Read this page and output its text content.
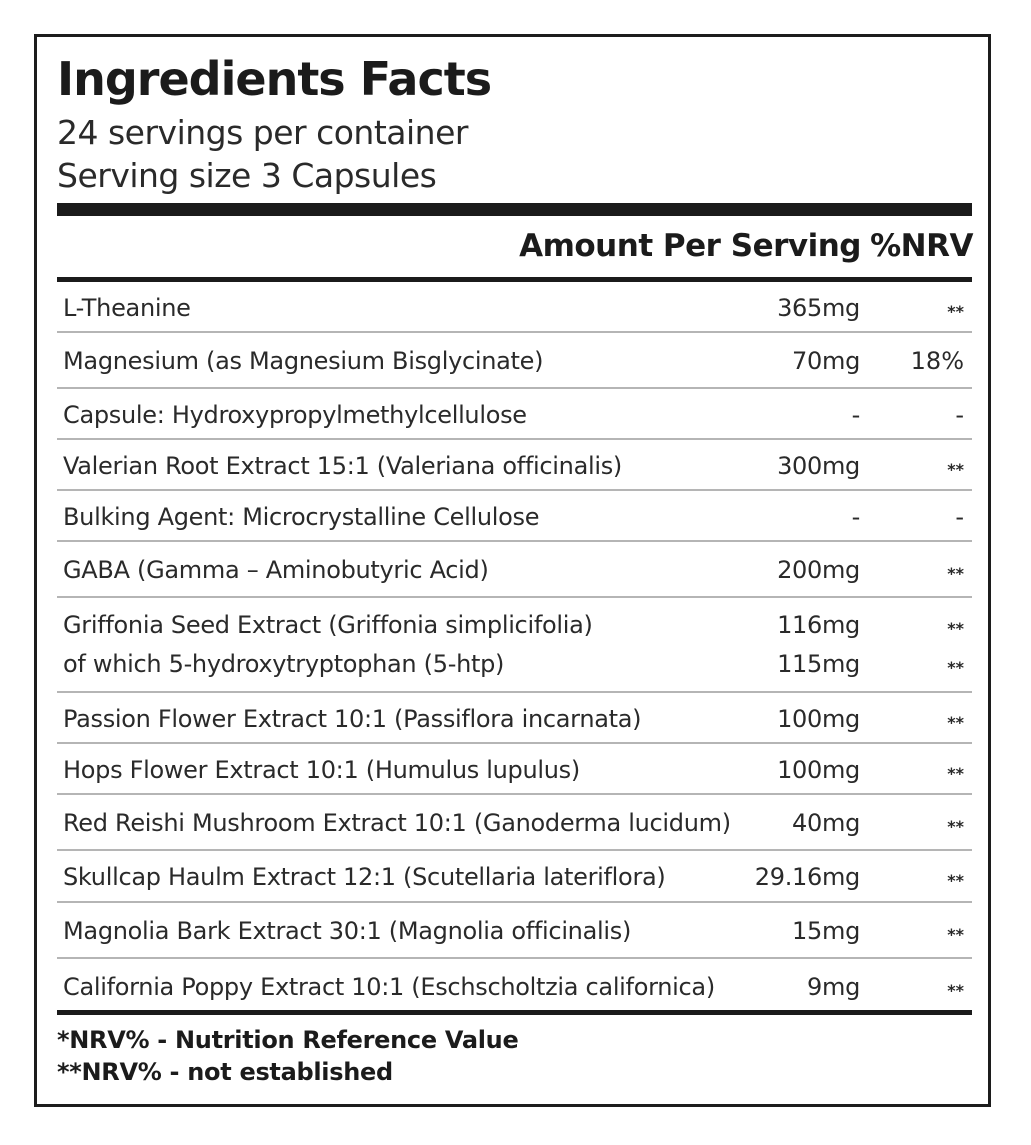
Ingredients Facts
24 servings per container
Serving size 3 Capsules
Amount Per Serving %NRV
L-Theanine	365mg	**
Magnesium (as Magnesium Bisglycinate)	70mg 18%
Capsule: Hydroxypropylmethylcellulose	-	-
Valerian Root Extract 15:1 (Valeriana officinalis)	300mg	**
Bulking Agent: Microcrystalline Cellulose	-	-
GABA (Gamma – Aminobutyric Acid)	200mg	**
Griffonia Seed Extract (Griffonia simplicifolia)	116mg	**
of which 5-hydroxytryptophan (5-htp)	115mg	**
Passion Flower Extract 10:1 (Passiflora incarnata)	100mg	**
Hops Flower Extract 10:1 (Humulus lupulus)	100mg	**
Red Reishi Mushroom Extract 10:1 (Ganoderma lucidum)	40mg	**
Skullcap Haulm Extract 12:1 (Scutellaria lateriflora)	29.16mg	**
Magnolia Bark Extract 30:1 (Magnolia officinalis)	15mg	**
California Poppy Extract 10:1 (Eschscholtzia californica)	9mg	**
*NRV% - Nutrition Reference Value
**NRV% - not established
